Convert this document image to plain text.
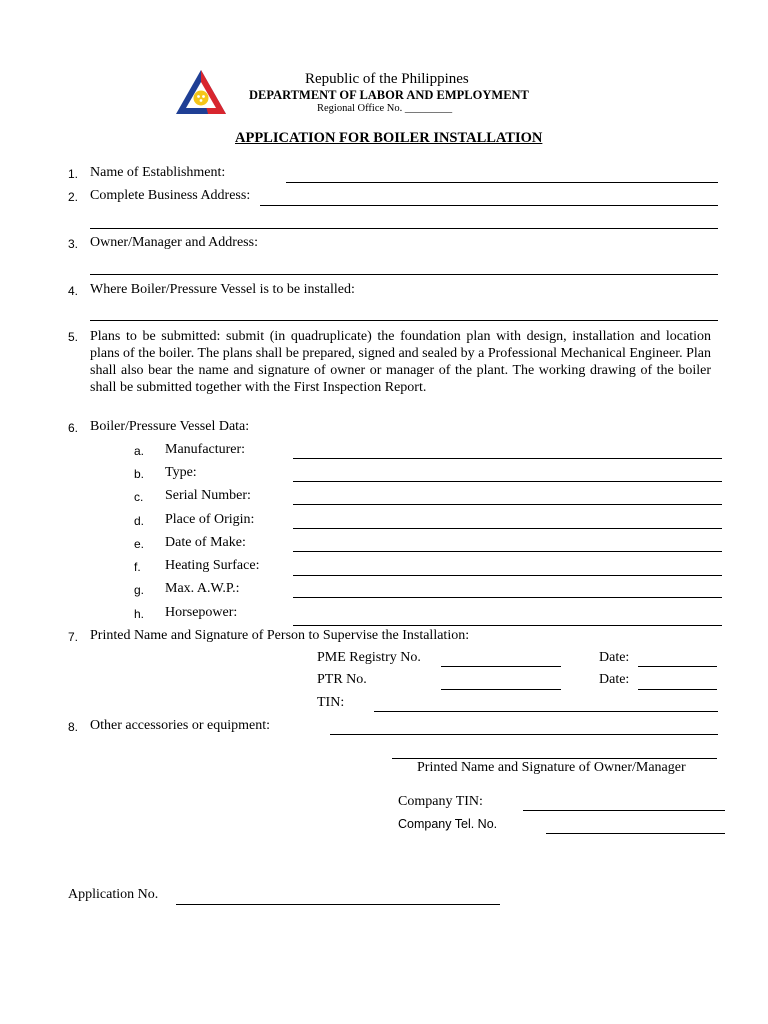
Republic of the Philippines
DEPARTMENT OF LABOR AND EMPLOYMENT
Regional Office No. _________
APPLICATION FOR BOILER INSTALLATION
1. Name of Establishment:
2. Complete Business Address:
3. Owner/Manager and Address:
4. Where Boiler/Pressure Vessel is to be installed:
5. Plans to be submitted: submit (in quadruplicate) the foundation plan with design, installation and location plans of the boiler. The plans shall be prepared, signed and sealed by a Professional Mechanical Engineer. Plan shall also bear the name and signature of owner or manager of the plant. The working drawing of the boiler shall be submitted together with the First Inspection Report.
6. Boiler/Pressure Vessel Data:
a. Manufacturer:
b. Type:
c. Serial Number:
d. Place of Origin:
e. Date of Make:
f. Heating Surface:
g. Max. A.W.P.:
h. Horsepower:
7. Printed Name and Signature of Person to Supervise the Installation:
PME Registry No.	Date:
PTR No.	Date:
TIN:
8. Other accessories or equipment:
Printed Name and Signature of Owner/Manager
Company TIN:
Company Tel. No.
Application No.
